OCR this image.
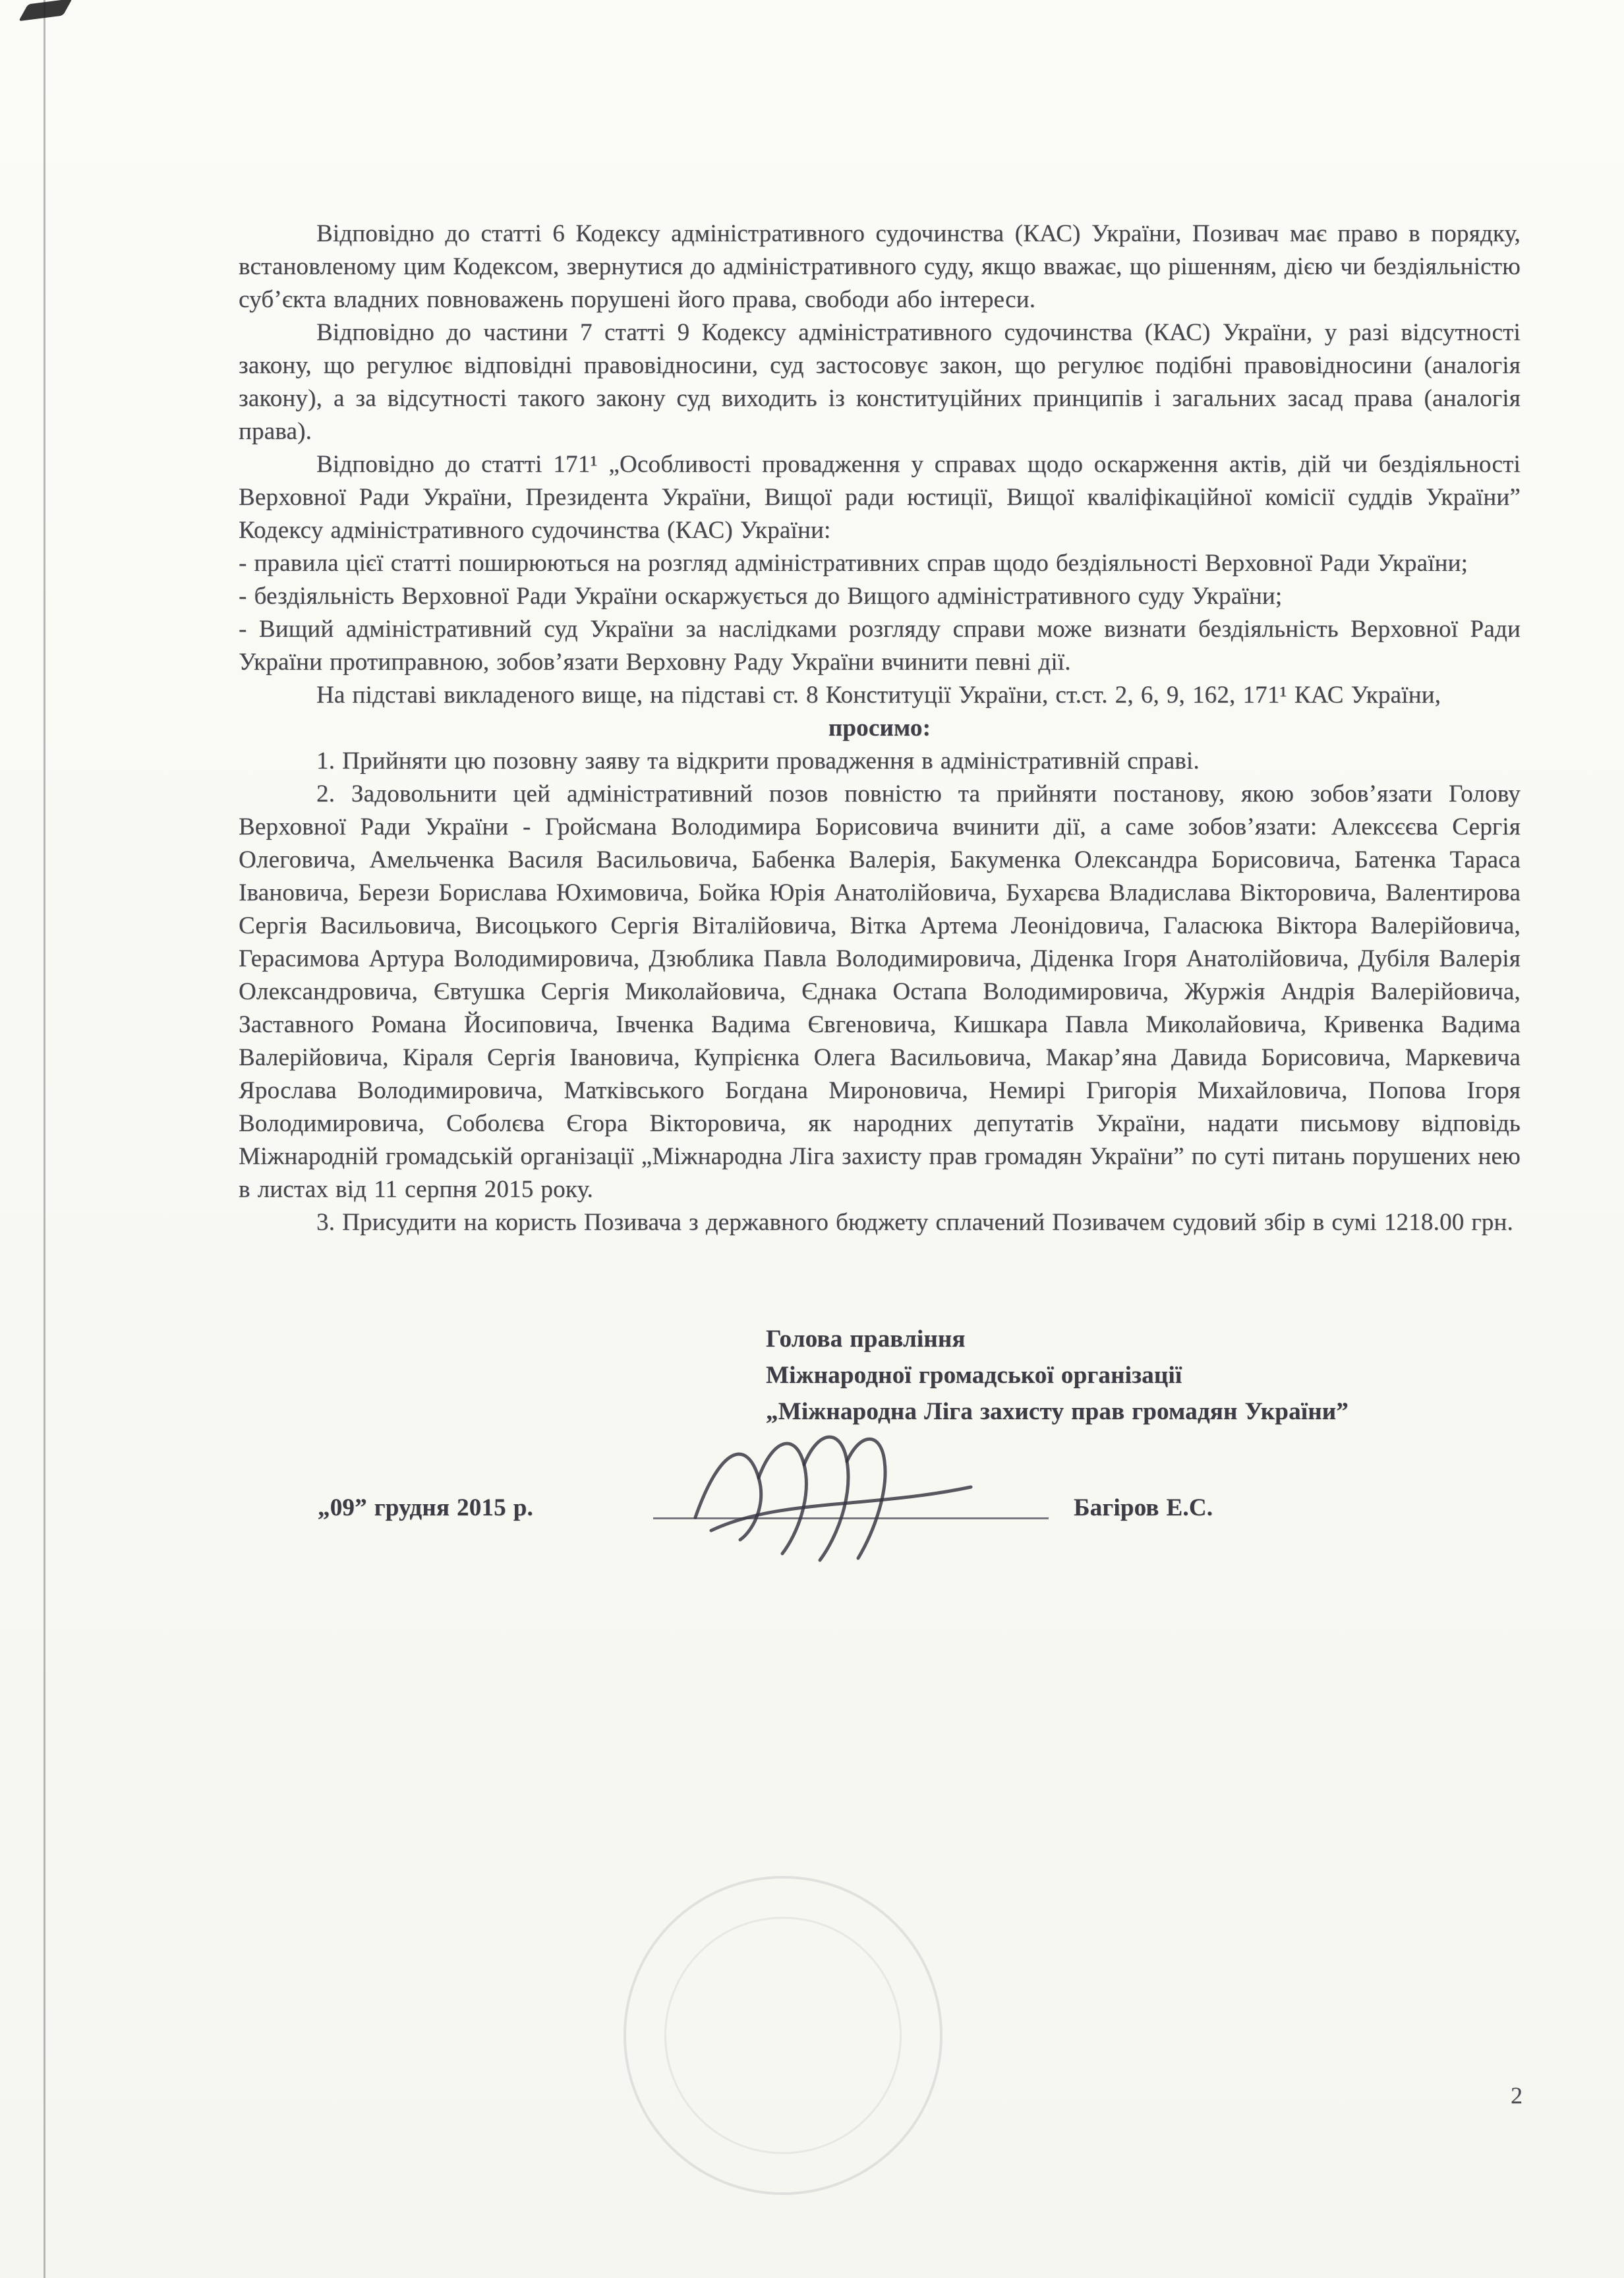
Відповідно до статті 6 Кодексу адміністративного судочинства (КАС) України, Позивач має право в порядку, встановленому цим Кодексом, звернутися до адміністративного суду, якщо вважає, що рішенням, дією чи бездіяльністю суб’єкта владних повноважень порушені його права, свободи або інтереси.

Відповідно до частини 7 статті 9 Кодексу адміністративного судочинства (КАС) України, у разі відсутності закону, що регулює відповідні правовідносини, суд застосовує закон, що регулює подібні правовідносини (аналогія закону), а за відсутності такого закону суд виходить із конституційних принципів і загальних засад права (аналогія права).

Відповідно до статті 171¹ „Особливості провадження у справах щодо оскарження актів, дій чи бездіяльності Верховної Ради України, Президента України, Вищої ради юстиції, Вищої кваліфікаційної комісії суддів України” Кодексу адміністративного судочинства (КАС) України:

- правила цієї статті поширюються на розгляд адміністративних справ щодо бездіяльності Верховної Ради України;

- бездіяльність Верховної Ради України оскаржується до Вищого адміністративного суду України;

- Вищий адміністративний суд України за наслідками розгляду справи може визнати бездіяльність Верховної Ради України протиправною, зобов’язати Верховну Раду України вчинити певні дії.

На підставі викладеного вище, на підставі ст. 8 Конституції України, ст.ст. 2, 6, 9, 162, 171¹ КАС України,

просимо:

1. Прийняти цю позовну заяву та відкрити провадження в адміністративній справі.

2. Задовольнити цей адміністративний позов повністю та прийняти постанову, якою зобов’язати Голову Верховної Ради України - Гройсмана Володимира Борисовича вчинити дії, а саме зобов’язати: Алексєєва Сергія Олеговича, Амельченка Василя Васильовича, Бабенка Валерія, Бакуменка Олександра Борисовича, Батенка Тараса Івановича, Берези Борислава Юхимовича, Бойка Юрія Анатолійовича, Бухарєва Владислава Вікторовича, Валентирова Сергія Васильовича, Висоцького Сергія Віталійовича, Вітка Артема Леонідовича, Галасюка Віктора Валерійовича, Герасимова Артура Володимировича, Дзюблика Павла Володимировича, Діденка Ігоря Анатолійовича, Дубіля Валерія Олександровича, Євтушка Сергія Миколайовича, Єднака Остапа Володимировича, Журжія Андрія Валерійовича, Заставного Романа Йосиповича, Івченка Вадима Євгеновича, Кишкара Павла Миколайовича, Кривенка Вадима Валерійовича, Кіраля Сергія Івановича, Купрієнка Олега Васильовича, Макар’яна Давида Борисовича, Маркевича Ярослава Володимировича, Матківського Богдана Мироновича, Немирі Григорія Михайловича, Попова Ігоря Володимировича, Соболєва Єгора Вікторовича, як народних депутатів України, надати письмову відповідь Міжнародній громадській організації „Міжнародна Ліга захисту прав громадян України” по суті питань порушених нею в листах від 11 серпня 2015 року.

3. Присудити на користь Позивача з державного бюджету сплачений Позивачем судовий збір в сумі 1218.00 грн.

Голова правління

Міжнародної громадської організації

„Міжнародна Ліга захисту прав громадян України”

„09” грудня 2015 р.	Багіров Е.С.
2
